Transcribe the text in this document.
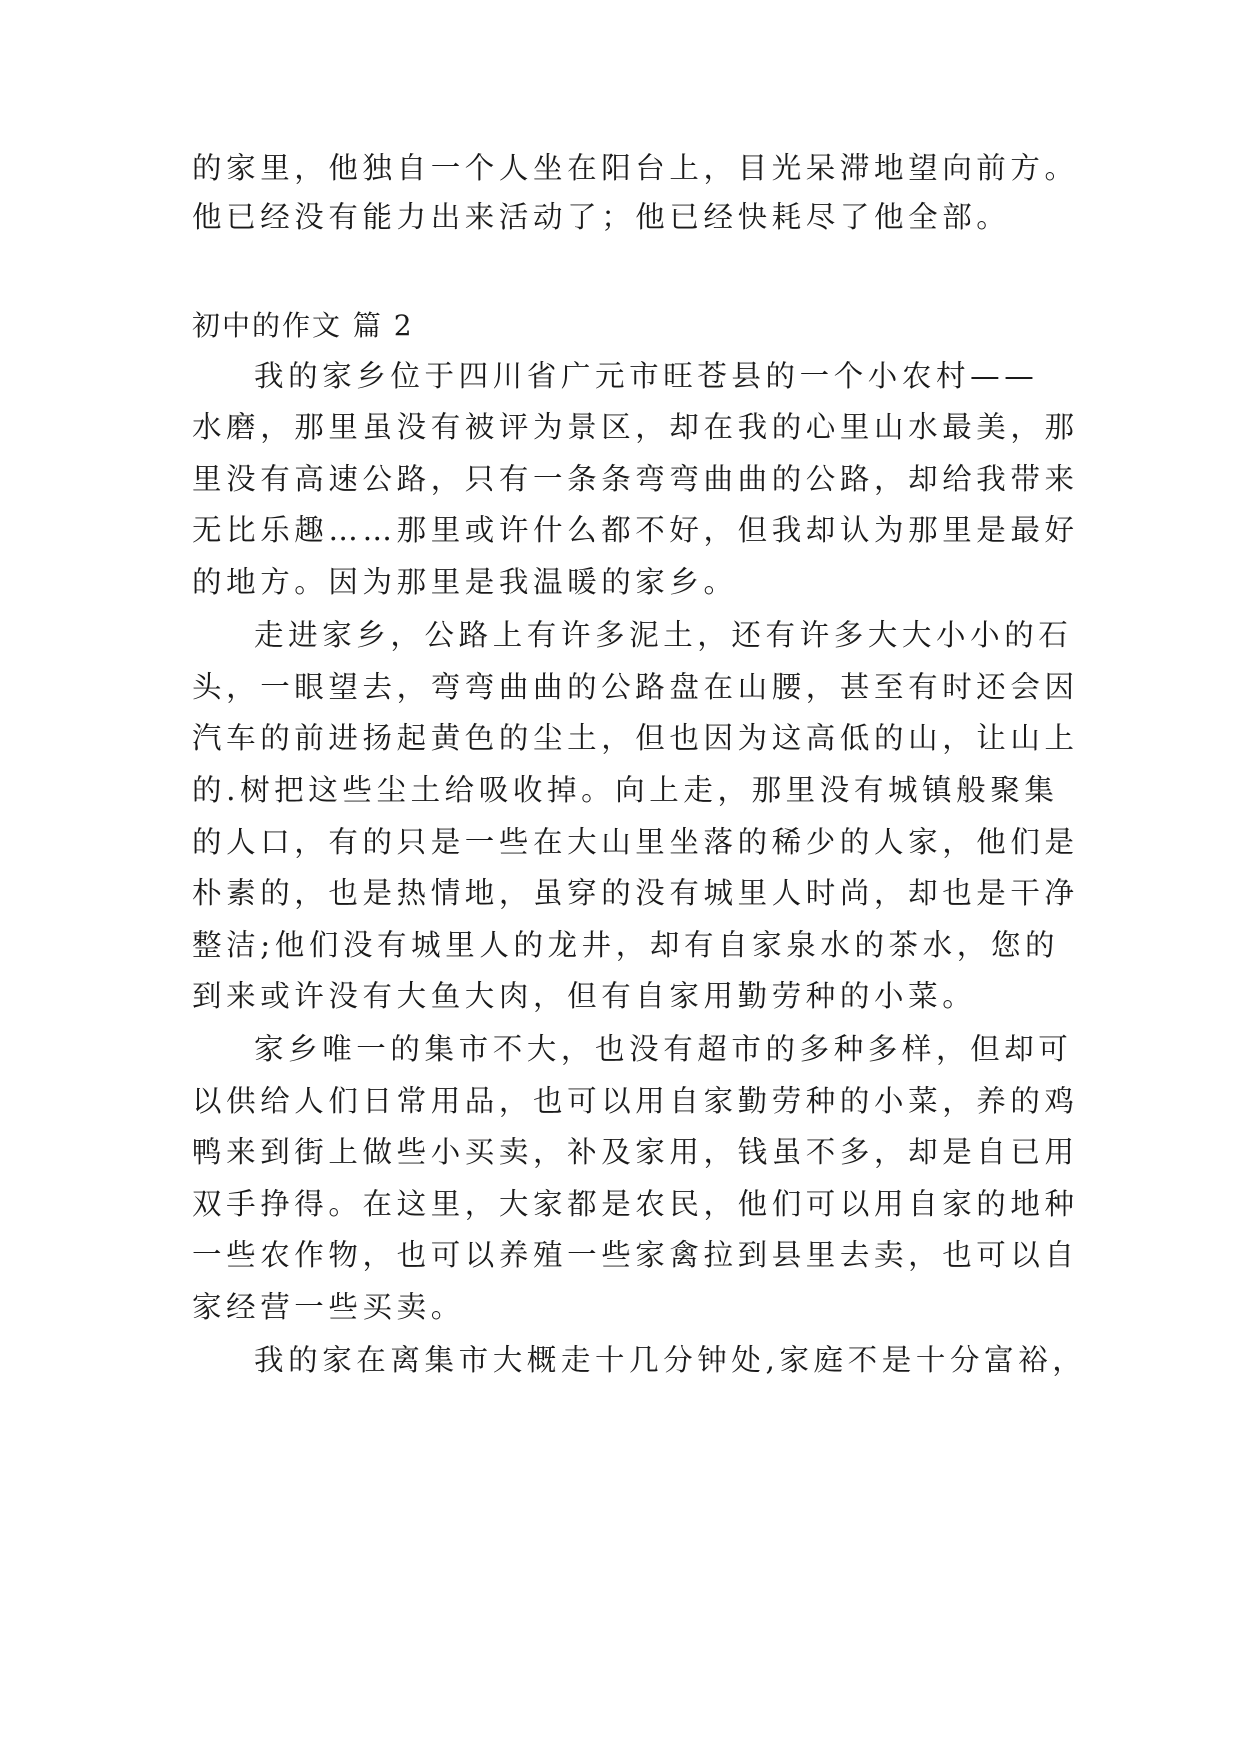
的家里，他独自一个人坐在阳台上，目光呆滞地望向前方。
他已经没有能力出来活动了；他已经快耗尽了他全部。
初中的作文 篇 2
我的家乡位于四川省广元市旺苍县的一个小农村——
水磨，那里虽没有被评为景区，却在我的心里山水最美，那
里没有高速公路，只有一条条弯弯曲曲的公路，却给我带来
无比乐趣……那里或许什么都不好，但我却认为那里是最好
的地方。因为那里是我温暖的家乡。
走进家乡，公路上有许多泥土，还有许多大大小小的石
头，一眼望去，弯弯曲曲的公路盘在山腰，甚至有时还会因
汽车的前进扬起黄色的尘土，但也因为这高低的山，让山上
的.树把这些尘土给吸收掉。向上走，那里没有城镇般聚集
的人口，有的只是一些在大山里坐落的稀少的人家，他们是
朴素的，也是热情地，虽穿的没有城里人时尚，却也是干净
整洁;他们没有城里人的龙井，却有自家泉水的茶水，您的
到来或许没有大鱼大肉，但有自家用勤劳种的小菜。
家乡唯一的集市不大，也没有超市的多种多样，但却可
以供给人们日常用品，也可以用自家勤劳种的小菜，养的鸡
鸭来到街上做些小买卖，补及家用，钱虽不多，却是自已用
双手挣得。在这里，大家都是农民，他们可以用自家的地种
一些农作物，也可以养殖一些家禽拉到县里去卖，也可以自
家经营一些买卖。
我的家在离集市大概走十几分钟处,家庭不是十分富裕，
